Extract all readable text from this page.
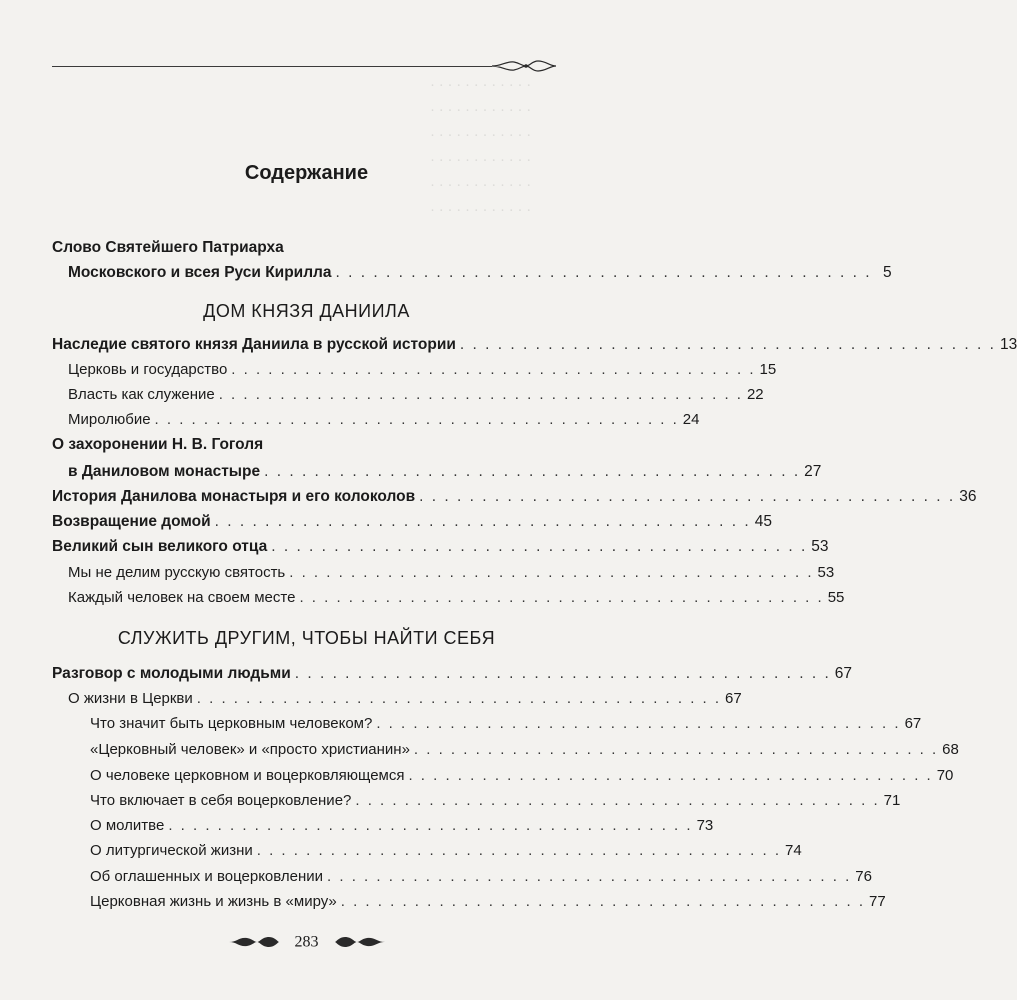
· · · · · · · · · · · ·
· · · · · · · · · · · ·
· · · · · · · · · · · ·
· · · · · · · · · · · ·
· · · · · · · · · · · ·
· · · · · · · · · · · ·
Содержание
Слово Святейшего Патриарха
Московского и всея Руси Кирилла . . . . . . . . . . . . . . . . . . . . . . . . . . . . . . . . . . . . . . . . . . . 5
ДОМ КНЯЗЯ ДАНИИЛА
Наследие святого князя Даниила в русской истории . . . . . . . . . . . . . . . . . . . . . . . . . . . . . . . . . . . . . . . . . . . 13
Церковь и государство . . . . . . . . . . . . . . . . . . . . . . . . . . . . . . . . . . . . . . . . . . . 15
Власть как служение . . . . . . . . . . . . . . . . . . . . . . . . . . . . . . . . . . . . . . . . . . . 22
Миролюбие . . . . . . . . . . . . . . . . . . . . . . . . . . . . . . . . . . . . . . . . . . . 24
О захоронении Н. В. Гоголя
в Даниловом монастыре . . . . . . . . . . . . . . . . . . . . . . . . . . . . . . . . . . . . . . . . . . . 27
История Данилова монастыря и его колоколов . . . . . . . . . . . . . . . . . . . . . . . . . . . . . . . . . . . . . . . . . . . 36
Возвращение домой . . . . . . . . . . . . . . . . . . . . . . . . . . . . . . . . . . . . . . . . . . . 45
Великий сын великого отца . . . . . . . . . . . . . . . . . . . . . . . . . . . . . . . . . . . . . . . . . . . 53
Мы не делим русскую святость . . . . . . . . . . . . . . . . . . . . . . . . . . . . . . . . . . . . . . . . . . . 53
Каждый человек на своем месте . . . . . . . . . . . . . . . . . . . . . . . . . . . . . . . . . . . . . . . . . . . 55
СЛУЖИТЬ ДРУГИМ, ЧТОБЫ НАЙТИ СЕБЯ
Разговор с молодыми людьми . . . . . . . . . . . . . . . . . . . . . . . . . . . . . . . . . . . . . . . . . . . 67
О жизни в Церкви . . . . . . . . . . . . . . . . . . . . . . . . . . . . . . . . . . . . . . . . . . . 67
Что значит быть церковным человеком? . . . . . . . . . . . . . . . . . . . . . . . . . . . . . . . . . . . . . . . . . . . 67
«Церковный человек» и «просто христианин» . . . . . . . . . . . . . . . . . . . . . . . . . . . . . . . . . . . . . . . . . . . 68
О человеке церковном и воцерковляющемся . . . . . . . . . . . . . . . . . . . . . . . . . . . . . . . . . . . . . . . . . . . 70
Что включает в себя воцерковление? . . . . . . . . . . . . . . . . . . . . . . . . . . . . . . . . . . . . . . . . . . . 71
О молитве . . . . . . . . . . . . . . . . . . . . . . . . . . . . . . . . . . . . . . . . . . . 73
О литургической жизни . . . . . . . . . . . . . . . . . . . . . . . . . . . . . . . . . . . . . . . . . . . 74
Об оглашенных и воцерковлении . . . . . . . . . . . . . . . . . . . . . . . . . . . . . . . . . . . . . . . . . . . 76
Церковная жизнь и жизнь в «миру» . . . . . . . . . . . . . . . . . . . . . . . . . . . . . . . . . . . . . . . . . . . 77
283
